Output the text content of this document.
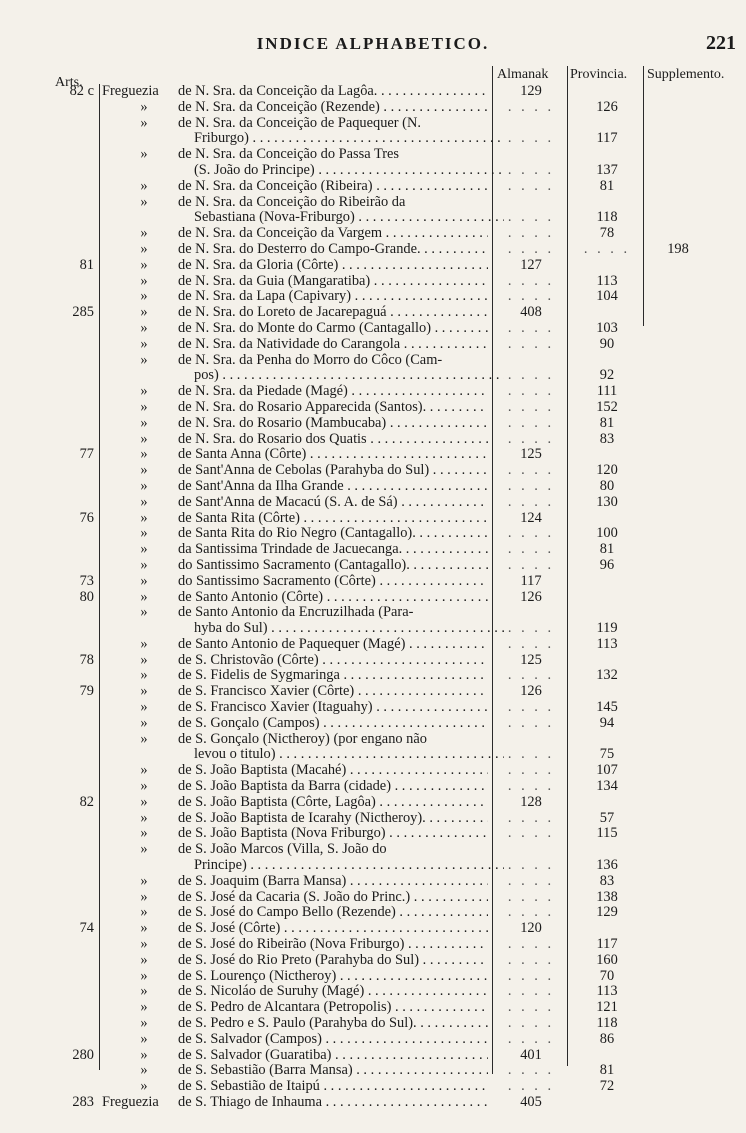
INDICE ALPHABETICO.	221
Arts.
Almanak Provincia. Supplemento.
82 c Freguezia	de N. Sra. da Conceição da Lagôa. . . .	129
»	de N. Sra. da Conceição (Rezende) . . .	. . . .	126
»	de N. Sra. da Conceição de Paquequer (N.
Friburgo) . . .	. . . .	117
»	de N. Sra. da Conceição do Passa Tres
(S. João do Principe) . . .	. . . .	137
»	de N. Sra. da Conceição (Ribeira) . . .	. . . .	81
»	de N. Sra. da Conceição do Ribeirão da
Sebastiana (Nova-Friburgo) . . .	. . . .	118
»	de N. Sra. da Conceição da Vargem . . .	. . . .	78
»	de N. Sra. do Desterro do Campo-Grande. . . .	. . . .	. . . .	198
81	»	de N. Sra. da Gloria (Côrte) . . .	127
»	de N. Sra. da Guia (Mangaratiba) . . .	. . . .	113
»	de N. Sra. da Lapa (Capivary) . . .	. . . .	104
285	»	de N. Sra. do Loreto de Jacarepaguá . . .	408
»	de N. Sra. do Monte do Carmo (Cantagallo) . . .	. . . .	103
»	de N. Sra. da Natividade do Carangola . . .	. . . .	90
»	de N. Sra. da Penha do Morro do Côco (Cam-
pos) . . .	. . . .	92
»	de N. Sra. da Piedade (Magé) . . .	. . . .	111
»	de N. Sra. do Rosario Apparecida (Santos). . . .	. . . .	152
»	de N. Sra. do Rosario (Mambucaba) . . .	. . . .	81
»	de N. Sra. do Rosario dos Quatis . . .	. . . .	83
77	»	de Santa Anna (Côrte) . . .	125
»	de Sant'Anna de Cebolas (Parahyba do Sul) . . .	. . . .	120
»	de Sant'Anna da Ilha Grande . . .	. . . .	80
»	de Sant'Anna de Macacú (S. A. de Sá) . . .	. . . .	130
76	»	de Santa Rita (Côrte) . . .	124
»	de Santa Rita do Rio Negro (Cantagallo). . . .	. . . .	100
»	da Santissima Trindade de Jacuecanga. . . .	. . . .	81
»	do Santissimo Sacramento (Cantagallo). . . .	. . . .	96
73	»	do Santissimo Sacramento (Côrte) . . .	117
80	»	de Santo Antonio (Côrte) . . .	126
»	de Santo Antonio da Encruzilhada (Para-
hyba do Sul) . . .	. . . .	119
»	de Santo Antonio de Paquequer (Magé) . . .	. . . .	113
78	»	de S. Christovão (Côrte) . . .	125
»	de S. Fidelis de Sygmaringa . . .	. . . .	132
79	»	de S. Francisco Xavier (Côrte) . . .	126
»	de S. Francisco Xavier (Itaguahy) . . .	. . . .	145
»	de S. Gonçalo (Campos) . . .	. . . .	94
»	de S. Gonçalo (Nictheroy) (por engano não
levou o titulo) . . .	. . . .	75
»	de S. João Baptista (Macahé) . . .	. . . .	107
»	de S. João Baptista da Barra (cidade) . . .	. . . .	134
82	»	de S. João Baptista (Côrte, Lagôa) . . .	128
»	de S. João Baptista de Icarahy (Nictheroy). . . .	. . . .	57
»	de S. João Baptista (Nova Friburgo) . . .	. . . .	115
»	de S. João Marcos (Villa, S. João do
Principe) . . .	. . . .	136
»	de S. Joaquim (Barra Mansa) . . .	. . . .	83
»	de S. José da Cacaria (S. João do Princ.) . . .	. . . .	138
»	de S. José do Campo Bello (Rezende) . . .	. . . .	129
74	»	de S. José (Côrte) . . .	120
»	de S. José do Ribeirão (Nova Friburgo) . . .	. . . .	117
»	de S. José do Rio Preto (Parahyba do Sul) . . .	. . . .	160
»	de S. Lourenço (Nictheroy) . . .	. . . .	70
»	de S. Nicoláo de Suruhy (Magé) . . .	. . . .	113
»	de S. Pedro de Alcantara (Petropolis) . . .	. . . .	121
»	de S. Pedro e S. Paulo (Parahyba do Sul). . . .	. . . .	118
»	de S. Salvador (Campos) . . .	. . . .	86
280	»	de S. Salvador (Guaratiba) . . .	401
»	de S. Sebastião (Barra Mansa) . . .	. . . .	81
»	de S. Sebastião de Itaipú . . .	. . . .	72
283 Freguezia	de S. Thiago de Inhauma . . .	405
